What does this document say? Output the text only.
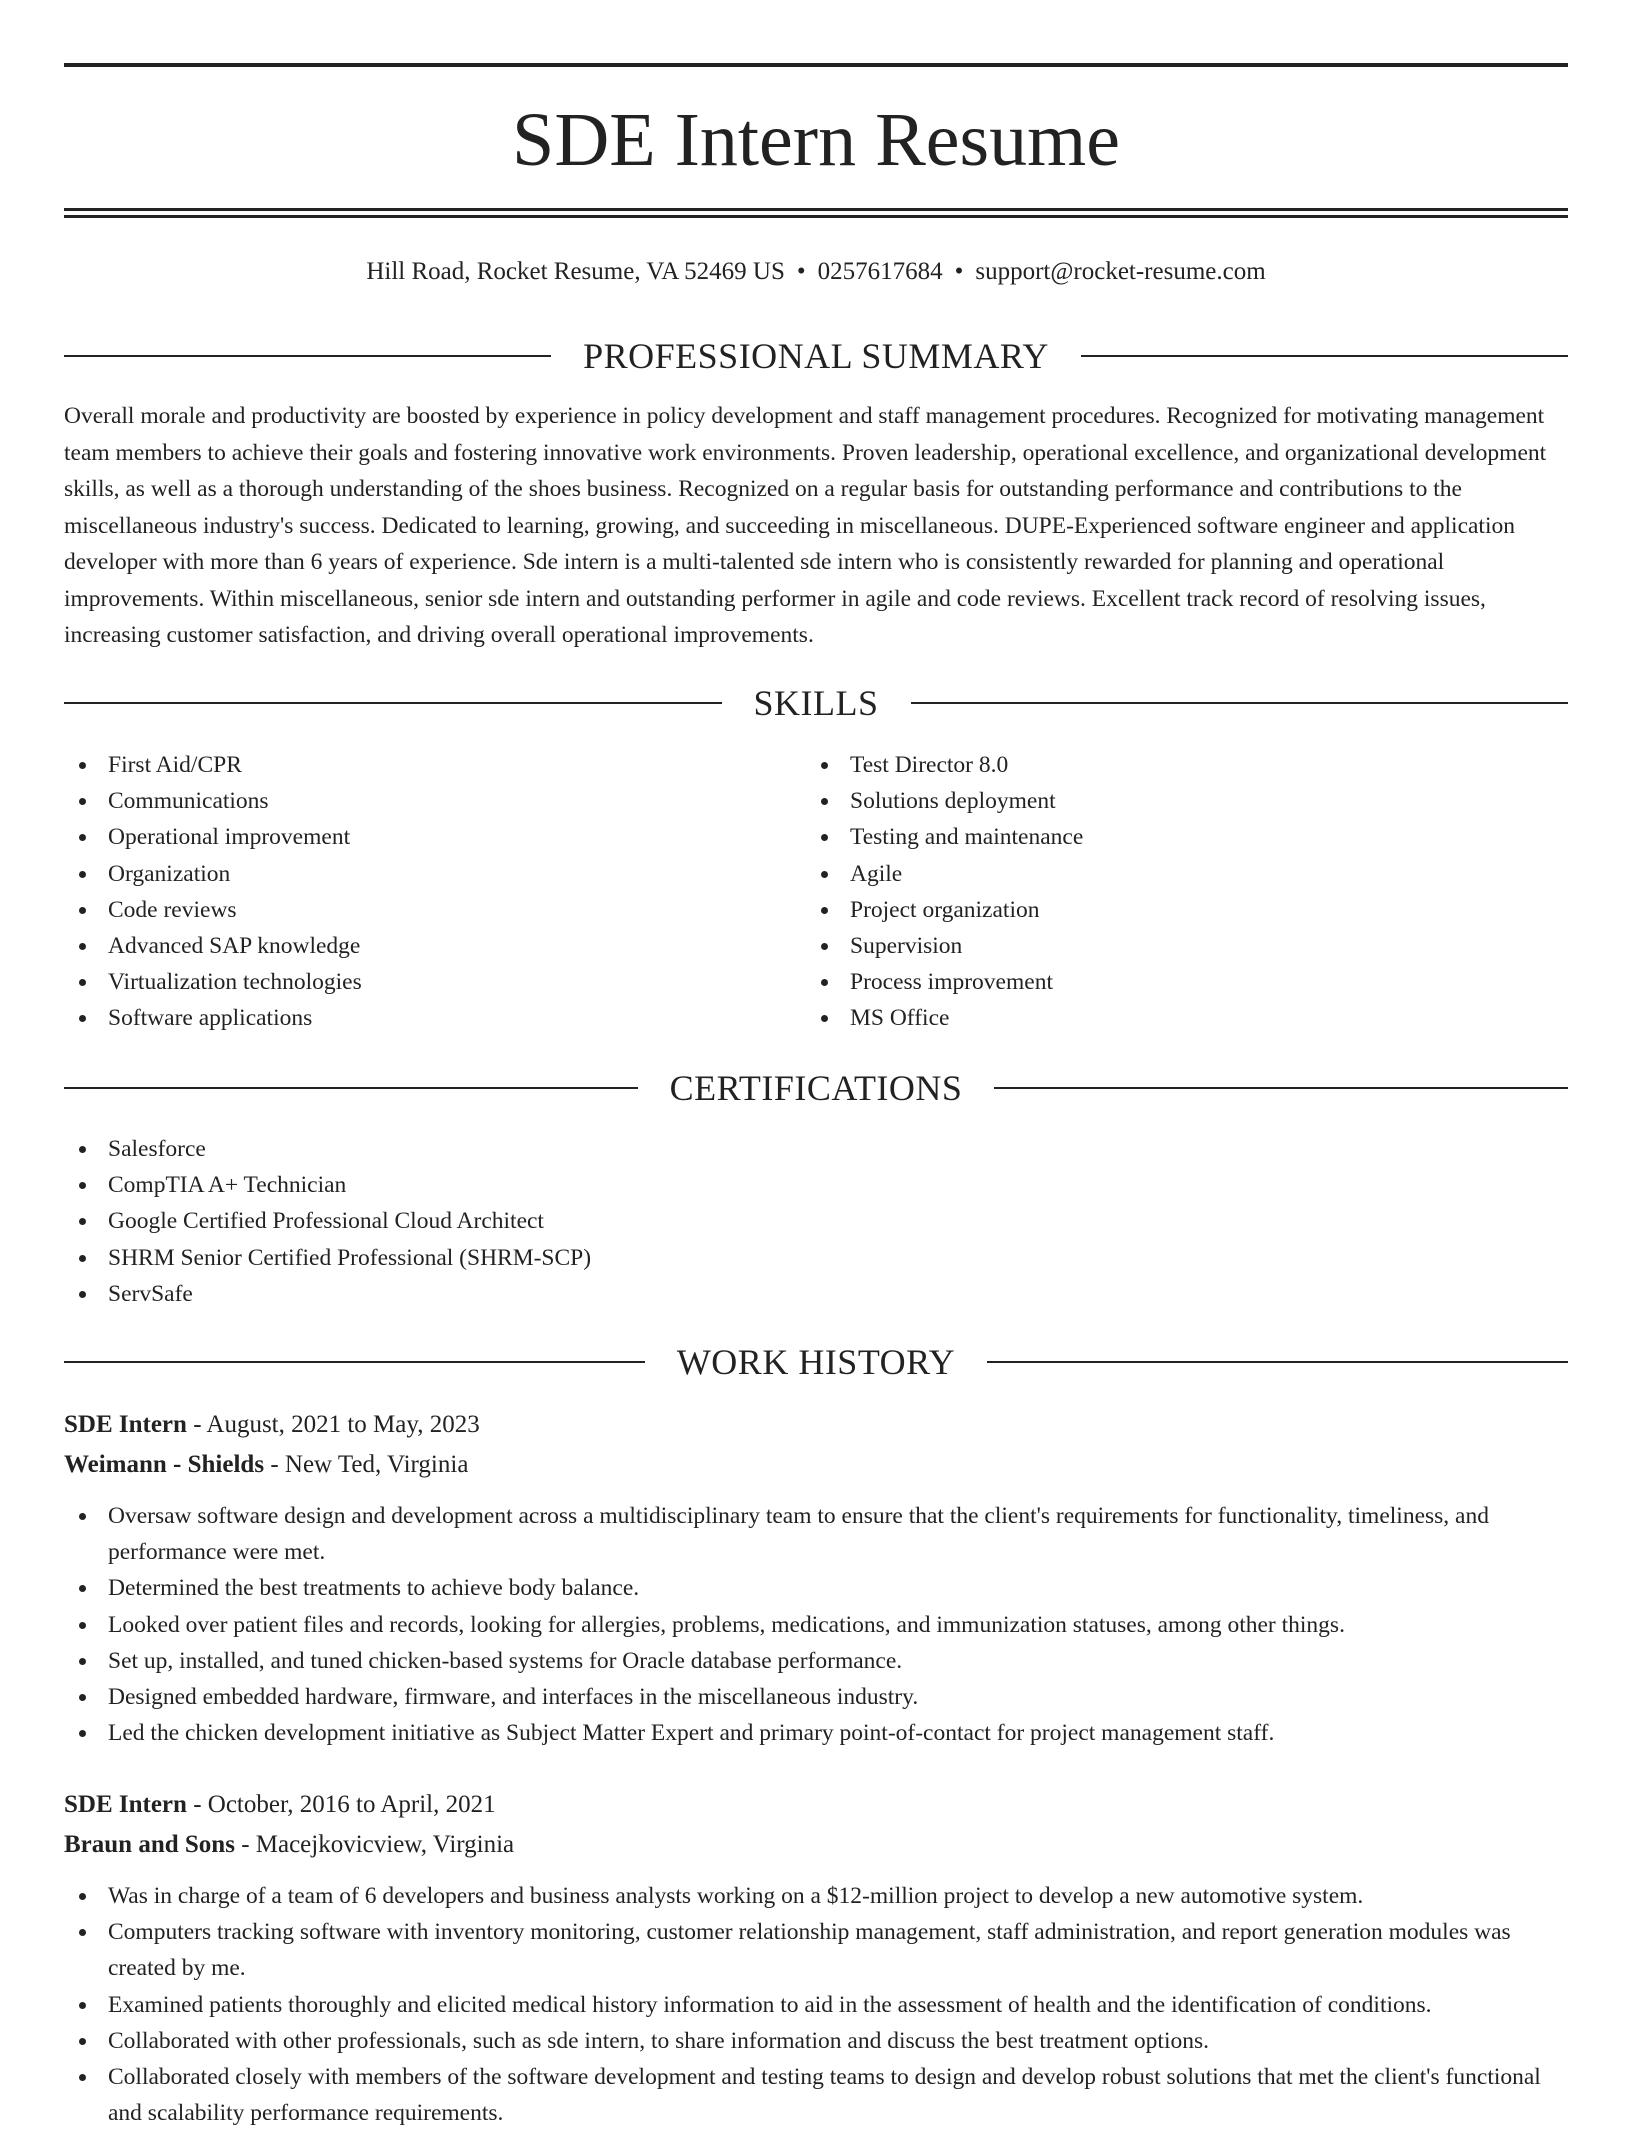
SDE Intern Resume
Hill Road, Rocket Resume, VA 52469 US • 0257617684 • support@rocket-resume.com
PROFESSIONAL SUMMARY

Overall morale and productivity are boosted by experience in policy development and staff management procedures. Recognized for motivating management team members to achieve their goals and fostering innovative work environments. Proven leadership, operational excellence, and organizational development skills, as well as a thorough understanding of the shoes business. Recognized on a regular basis for outstanding performance and contributions to the miscellaneous industry's success. Dedicated to learning, growing, and succeeding in miscellaneous. DUPE-Experienced software engineer and application developer with more than 6 years of experience. Sde intern is a multi-talented sde intern who is consistently rewarded for planning and operational improvements. Within miscellaneous, senior sde intern and outstanding performer in agile and code reviews. Excellent track record of resolving issues, increasing customer satisfaction, and driving overall operational improvements.

SKILLS
First Aid/CPR
Communications
Operational improvement
Organization
Code reviews
Advanced SAP knowledge
Virtualization technologies
Software applications
Test Director 8.0
Solutions deployment
Testing and maintenance
Agile
Project organization
Supervision
Process improvement
MS Office
CERTIFICATIONS
Salesforce
CompTIA A+ Technician
Google Certified Professional Cloud Architect
SHRM Senior Certified Professional (SHRM-SCP)
ServSafe
WORK HISTORY
SDE Intern - August, 2021 to May, 2023
Weimann - Shields - New Ted, Virginia
Oversaw software design and development across a multidisciplinary team to ensure that the client's requirements for functionality, timeliness, and performance were met.
Determined the best treatments to achieve body balance.
Looked over patient files and records, looking for allergies, problems, medications, and immunization statuses, among other things.
Set up, installed, and tuned chicken-based systems for Oracle database performance.
Designed embedded hardware, firmware, and interfaces in the miscellaneous industry.
Led the chicken development initiative as Subject Matter Expert and primary point-of-contact for project management staff.
SDE Intern - October, 2016 to April, 2021
Braun and Sons - Macejkovicview, Virginia
Was in charge of a team of 6 developers and business analysts working on a $12-million project to develop a new automotive system.
Computers tracking software with inventory monitoring, customer relationship management, staff administration, and report generation modules was created by me.
Examined patients thoroughly and elicited medical history information to aid in the assessment of health and the identification of conditions.
Collaborated with other professionals, such as sde intern, to share information and discuss the best treatment options.
Collaborated closely with members of the software development and testing teams to design and develop robust solutions that met the client's functional and scalability performance requirements.
